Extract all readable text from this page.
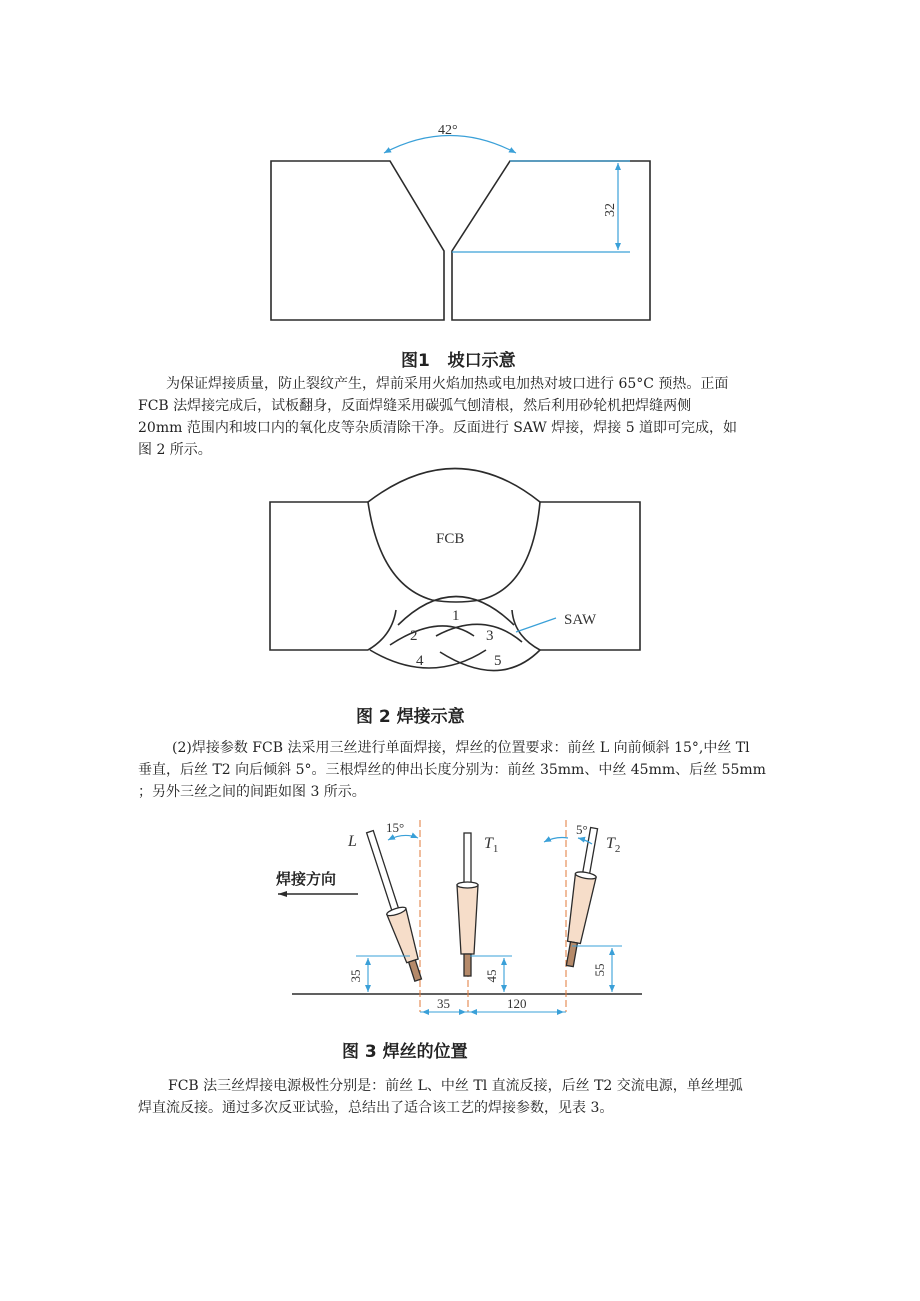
42°
32
FCB
SAW
1
2	3
4	5
L
15°
$T_1$	$T_2$
5°
焊接方向
35	45	55
35	120
图1   坡口示意
图 2 焊接示意
图 3 焊丝的位置

为保证焊接质量，防止裂纹产生，焊前采用火焰加热或电加热对坡口进行 65°C 预热。正面

FCB 法焊接完成后，试板翻身，反面焊缝采用碳弧气刨清根，然后利用砂轮机把焊缝两侧

20mm 范围内和坡口内的氧化皮等杂质清除干净。反面进行 SAW 焊接，焊接 5 道即可完成，如

图 2 所示。

(2)焊接参数 FCB 法采用三丝进行单面焊接，焊丝的位置要求：前丝 L 向前倾斜 15°,中丝 Tl

垂直，后丝 T2 向后倾斜 5°。三根焊丝的伸出长度分别为：前丝 35mm、中丝 45mm、后丝 55mm

；另外三丝之间的间距如图 3 所示。

FCB 法三丝焊接电源极性分别是：前丝 L、中丝 Tl 直流反接，后丝 T2 交流电源，单丝埋弧

焊直流反接。通过多次反亚试验，总结出了适合该工艺的焊接参数，见表 3。
